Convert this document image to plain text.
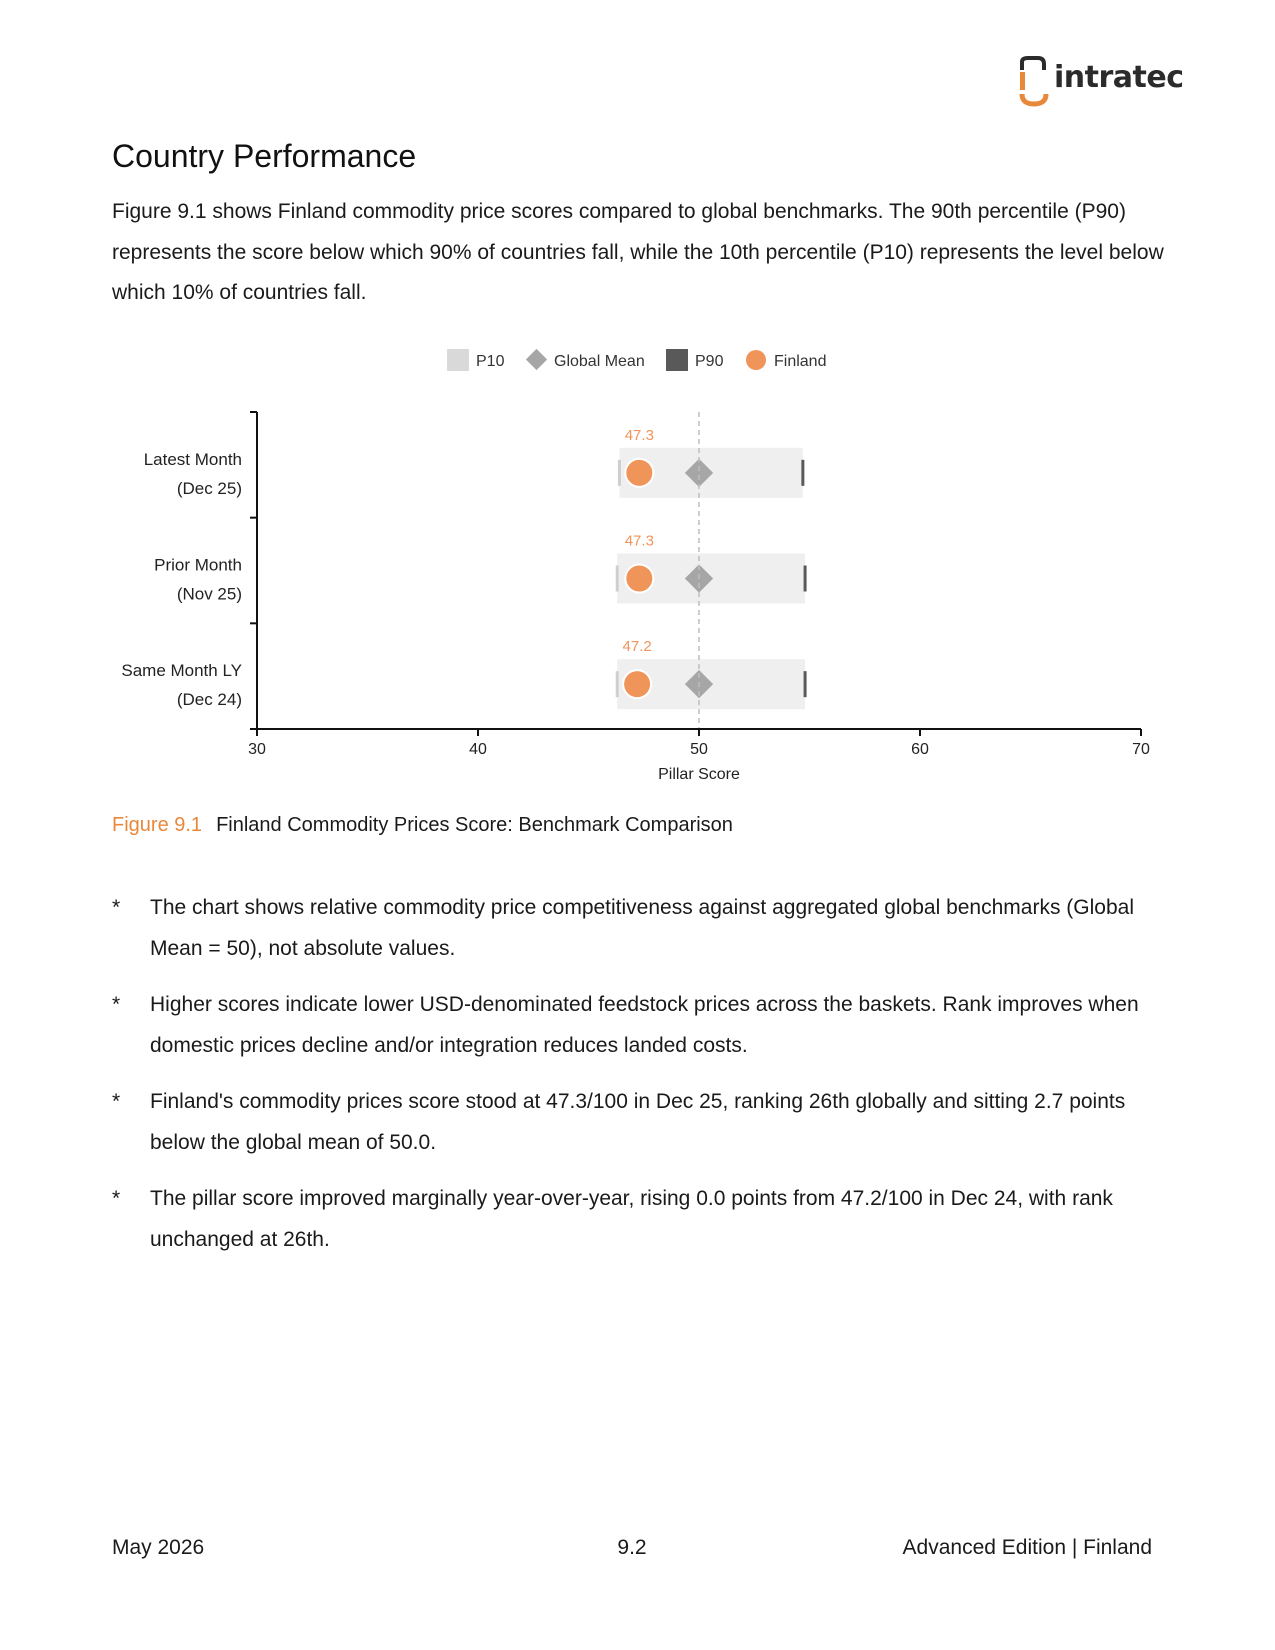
intratec
Country Performance

Figure 9.1 shows Finland commodity price scores compared to global benchmarks. The 90th percentile (P90) represents the score below which 90% of countries fall, while the 10th percentile (P10) represents the level below which 10% of countries fall.

P10	Global Mean	P90	Finland
47.3
Latest Month
(Dec 25)
47.3
Prior Month
(Nov 25)
47.2
Same Month LY
(Dec 24)
30	40	50	60	70
Pillar Score
Figure 9.1 Finland Commodity Prices Score: Benchmark Comparison
* The chart shows relative commodity price competitiveness against aggregated global benchmarks (Global Mean = 50), not absolute values.
* Higher scores indicate lower USD-denominated feedstock prices across the baskets. Rank improves when domestic prices decline and/or integration reduces landed costs.
* Finland's commodity prices score stood at 47.3/100 in Dec 25, ranking 26th globally and sitting 2.7 points below the global mean of 50.0.
* The pillar score improved marginally year-over-year, rising 0.0 points from 47.2/100 in Dec 24, with rank unchanged at 26th.
May 2026	9.2	Advanced Edition | Finland
